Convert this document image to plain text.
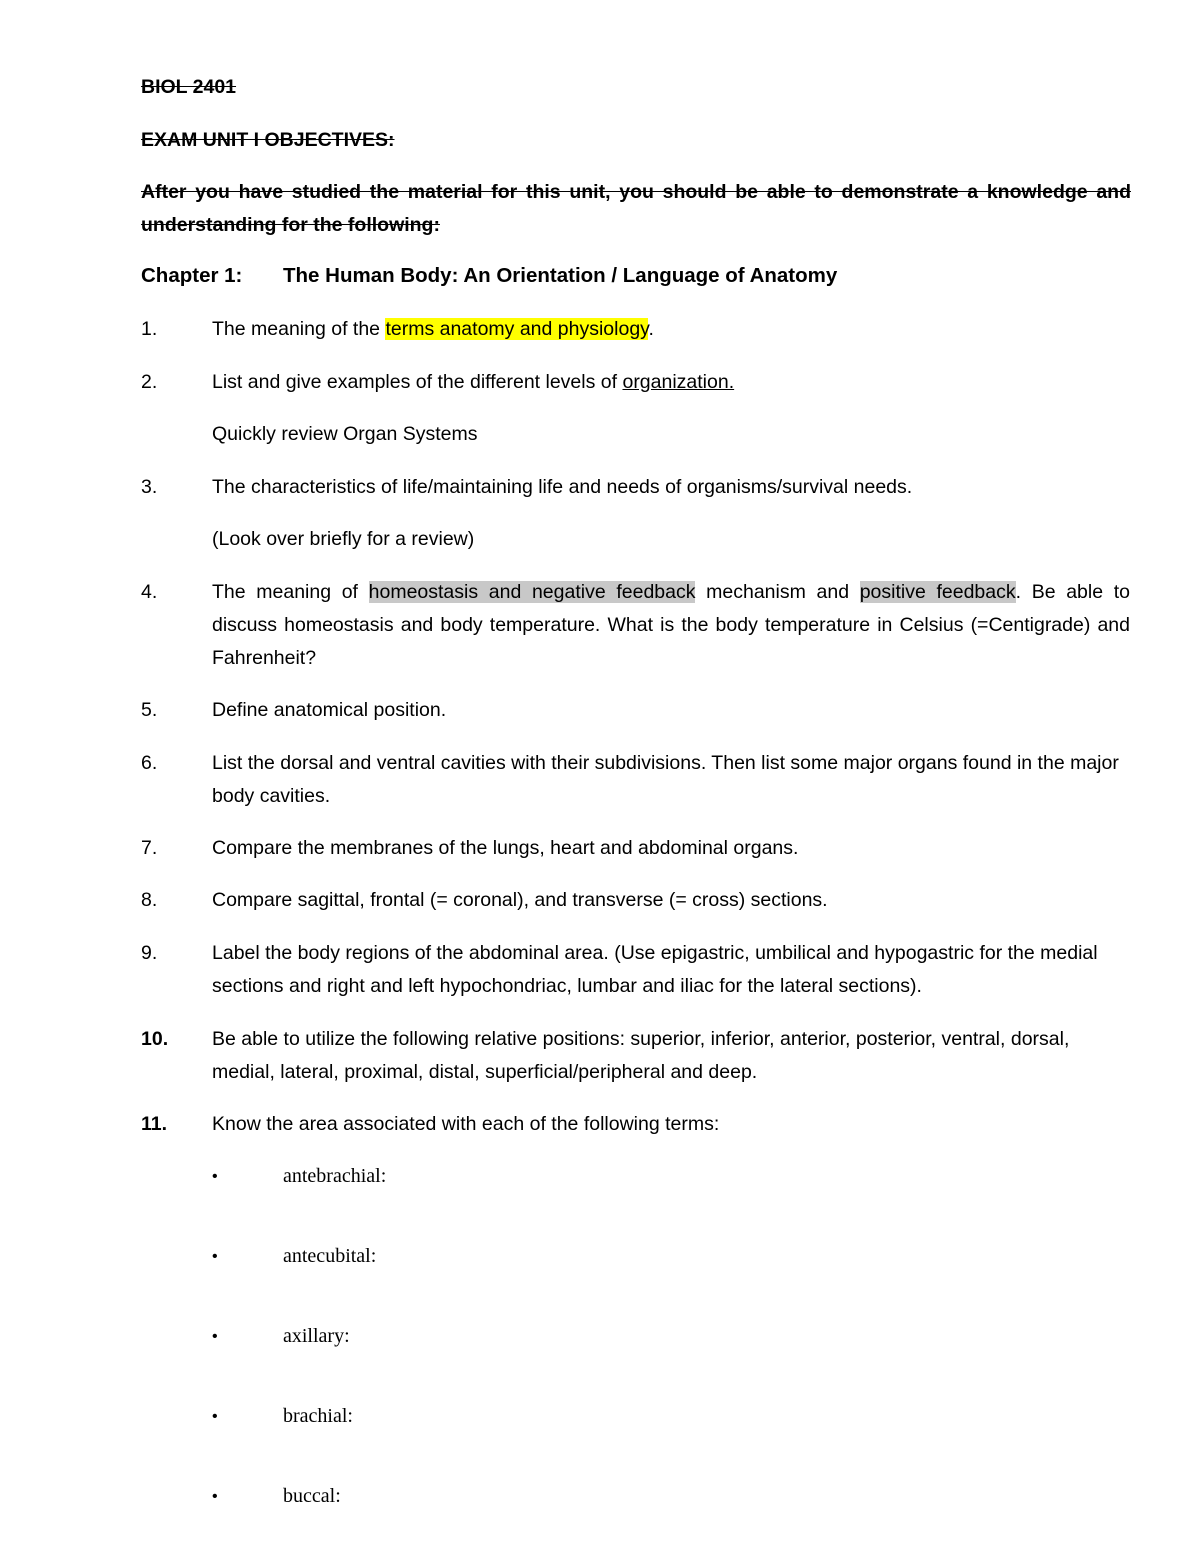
BIOL 2401
EXAM UNIT I OBJECTIVES:
After you have studied the material for this unit, you should be able to demonstrate a knowledge and understanding for the following:
Chapter 1: The Human Body: An Orientation / Language of Anatomy
1.	The meaning of the terms anatomy and physiology.
2.	List and give examples of the different levels of organization.
Quickly review Organ Systems
3.	The characteristics of life/maintaining life and needs of organisms/survival needs.
(Look over briefly for a review)
4.	The meaning of homeostasis and negative feedback mechanism and positive feedback. Be able to discuss homeostasis and body temperature. What is the body temperature in Celsius (=Centigrade) and Fahrenheit?
5.	Define anatomical position.
6.	List the dorsal and ventral cavities with their subdivisions. Then list some major organs found in the major body cavities.
7.	Compare the membranes of the lungs, heart and abdominal organs.
8.	Compare sagittal, frontal (= coronal), and transverse (= cross) sections.
9.	Label the body regions of the abdominal area. (Use epigastric, umbilical and hypogastric for the medial sections and right and left hypochondriac, lumbar and iliac for the lateral sections).
10. Be able to utilize the following relative positions: superior, inferior, anterior, posterior, ventral, dorsal, medial, lateral, proximal, distal, superficial/peripheral and deep.
11. Know the area associated with each of the following terms:
•	antebrachial:
•	antecubital:
•	axillary:
•	brachial:
•	buccal:
